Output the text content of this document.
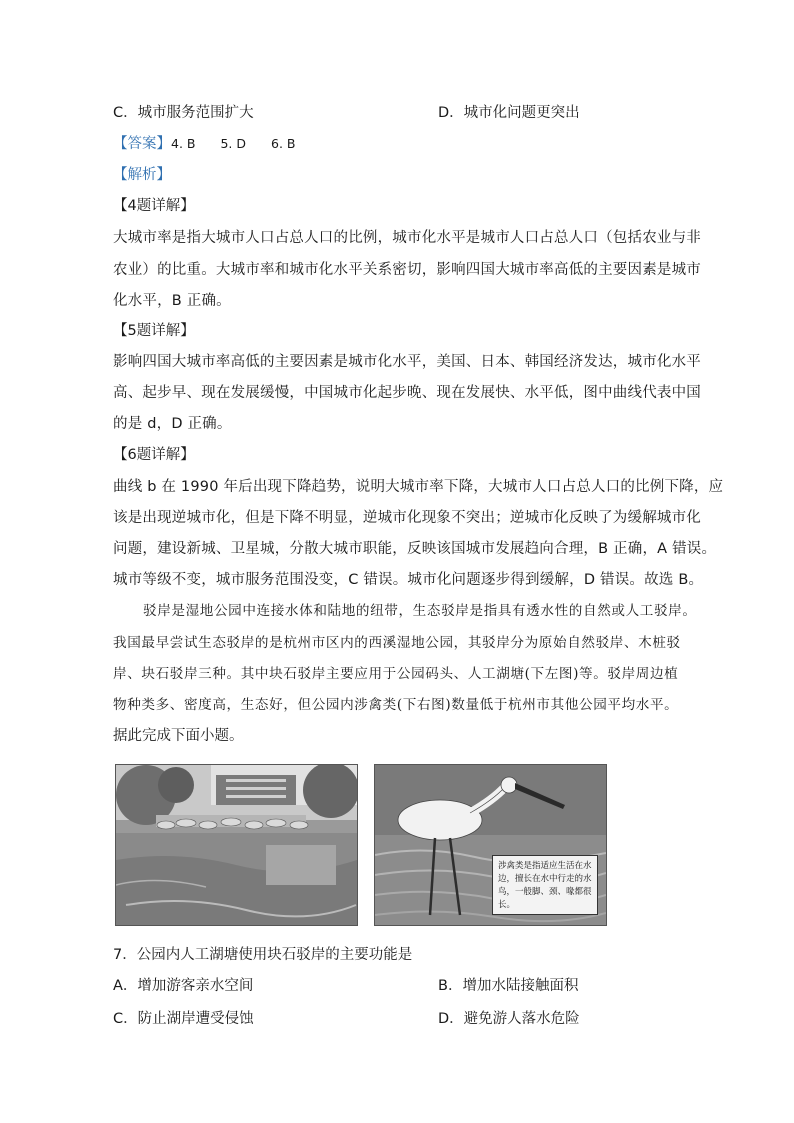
C．城市服务范围扩大	D．城市化问题更突出
【答案】4. B　　5. D　　6. B
【解析】
【4题详解】
大城市率是指大城市人口占总人口的比例，城市化水平是城市人口占总人口（包括农业与非
农业）的比重。大城市率和城市化水平关系密切，影响四国大城市率高低的主要因素是城市
化水平，B 正确。
【5题详解】
影响四国大城市率高低的主要因素是城市化水平，美国、日本、韩国经济发达，城市化水平
高、起步早、现在发展缓慢，中国城市化起步晚、现在发展快、水平低，图中曲线代表中国
的是 d，D 正确。
【6题详解】
曲线 b 在 1990 年后出现下降趋势，说明大城市率下降，大城市人口占总人口的比例下降，应
该是出现逆城市化，但是下降不明显，逆城市化现象不突出；逆城市化反映了为缓解城市化
问题，建设新城、卫星城，分散大城市职能，反映该国城市发展趋向合理，B 正确，A 错误。
城市等级不变，城市服务范围没变，C 错误。城市化问题逐步得到缓解，D 错误。故选 B。
驳岸是湿地公园中连接水体和陆地的纽带，生态驳岸是指具有透水性的自然或人工驳岸。
我国最早尝试生态驳岸的是杭州市区内的西溪湿地公园，其驳岸分为原始自然驳岸、木桩驳
岸、块石驳岸三种。其中块石驳岸主要应用于公园码头、人工湖塘(下左图)等。驳岸周边植
物种类多、密度高，生态好，但公园内涉禽类(下右图)数量低于杭州市其他公园平均水平。
据此完成下面小题。
涉禽类是指适应生活在水边，擅长在水中行走的水鸟，一般脚、颈、喙都很长。
7．公园内人工湖塘使用块石驳岸的主要功能是
A．增加游客亲水空间	B．增加水陆接触面积
C．防止湖岸遭受侵蚀	D．避免游人落水危险
